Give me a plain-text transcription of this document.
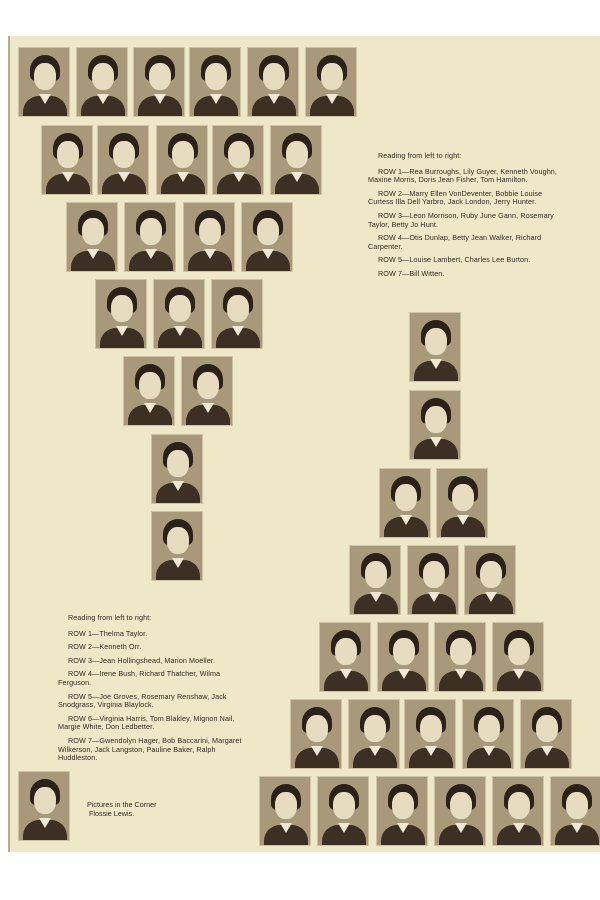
Reading from left to right:

ROW 1—Rea Burroughs, Lily Guyer, Kenneth Voughn, Maxine Morris, Doris Jean Fisher, Tom Hamilton.

ROW 2—Marry Ellen VonDeventer, Bobbie Louise Curtess Illa Dell Yarbro, Jack London, Jerry Hunter.

ROW 3—Leon Morrison, Ruby June Gann, Rosemary Taylor, Betty Jo Hunt.

ROW 4—Otis Dunlap, Betty Jean Walker, Richard Carpenter.

ROW 5—Louise Lambert, Charles Lee Burton.

ROW 7—Bill Witten.

Reading from left to right:

ROW 1—Thelma Taylor.

ROW 2—Kenneth Orr.

ROW 3—Jean Hollingshead, Marion Moeller.

ROW 4—Irene Bush, Richard Thatcher, Wilma Ferguson.

ROW 5—Joe Groves, Rosemary Renshaw, Jack Snodgrass, Virginia Blaylock.

ROW 6—Virginia Harris, Tom Blakley, Mignon Nail, Margie White, Don Ledbetter.

ROW 7—Gwendolyn Hager, Bob Baccarini, Margaret Wilkerson, Jack Langston, Pauline Baker, Ralph Huddleston.

Pictures in the Corner
Flossie Lewis.
